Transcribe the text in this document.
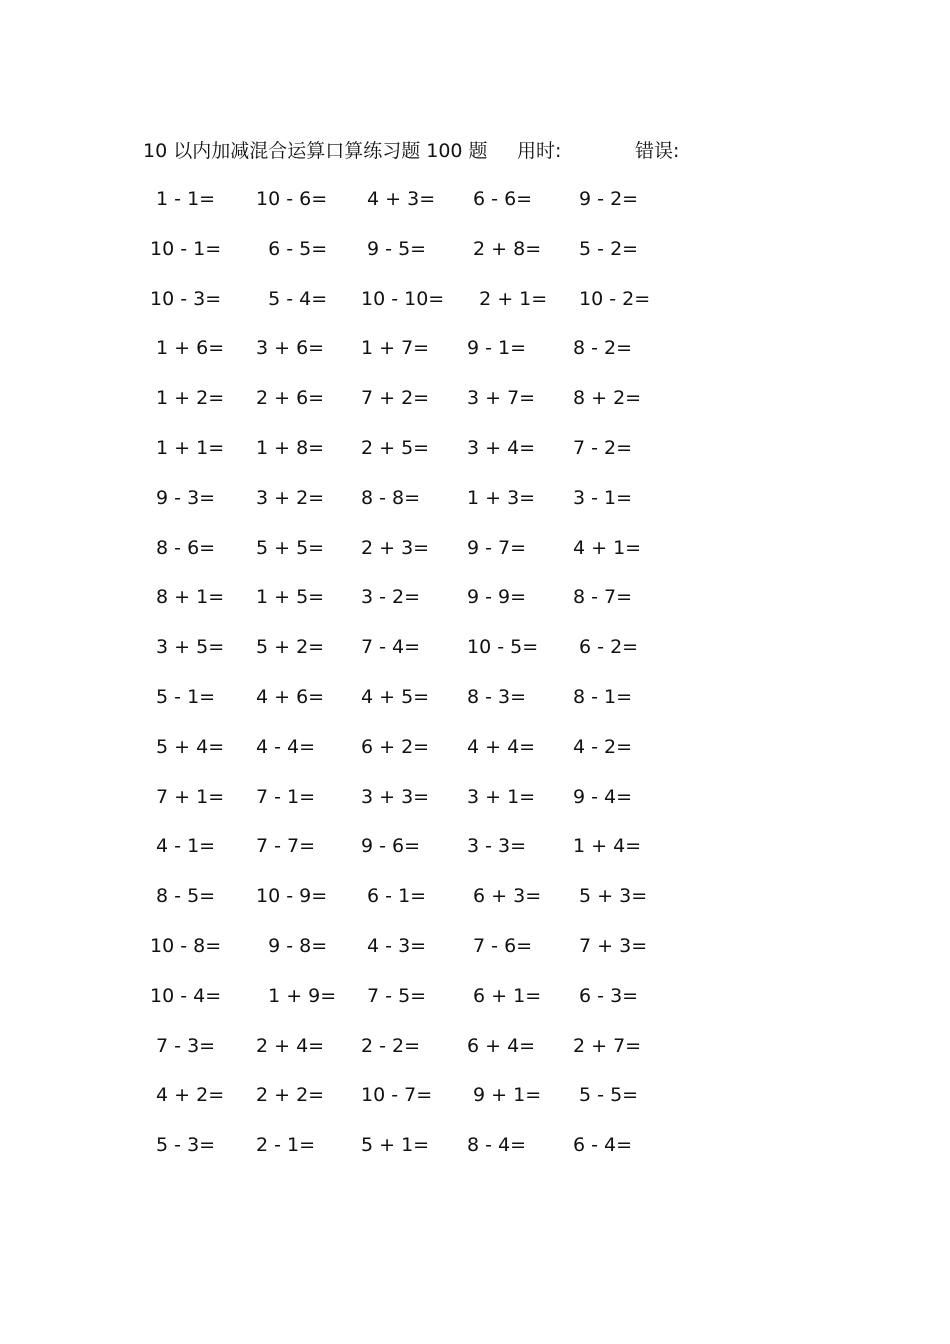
10 以内加减混合运算口算练习题 100 题 用时:	错误:
1 - 1= 10 - 6= 4 + 3= 6 - 6= 9 - 2=
10 - 1= 6 - 5= 9 - 5= 2 + 8= 5 - 2=
10 - 3= 5 - 4= 10 - 10= 2 + 1= 10 - 2=
1 + 6= 3 + 6= 1 + 7= 9 - 1= 8 - 2=
1 + 2= 2 + 6= 7 + 2= 3 + 7= 8 + 2=
1 + 1= 1 + 8= 2 + 5= 3 + 4= 7 - 2=
9 - 3= 3 + 2= 8 - 8= 1 + 3= 3 - 1=
8 - 6= 5 + 5= 2 + 3= 9 - 7= 4 + 1=
8 + 1= 1 + 5= 3 - 2= 9 - 9= 8 - 7=
3 + 5= 5 + 2= 7 - 4= 10 - 5= 6 - 2=
5 - 1= 4 + 6= 4 + 5= 8 - 3= 8 - 1=
5 + 4= 4 - 4= 6 + 2= 4 + 4= 4 - 2=
7 + 1= 7 - 1= 3 + 3= 3 + 1= 9 - 4=
4 - 1= 7 - 7= 9 - 6= 3 - 3= 1 + 4=
8 - 5= 10 - 9= 6 - 1= 6 + 3= 5 + 3=
10 - 8= 9 - 8= 4 - 3= 7 - 6= 7 + 3=
10 - 4= 1 + 9= 7 - 5= 6 + 1= 6 - 3=
7 - 3= 2 + 4= 2 - 2= 6 + 4= 2 + 7=
4 + 2= 2 + 2= 10 - 7= 9 + 1= 5 - 5=
5 - 3= 2 - 1= 5 + 1= 8 - 4= 6 - 4=
